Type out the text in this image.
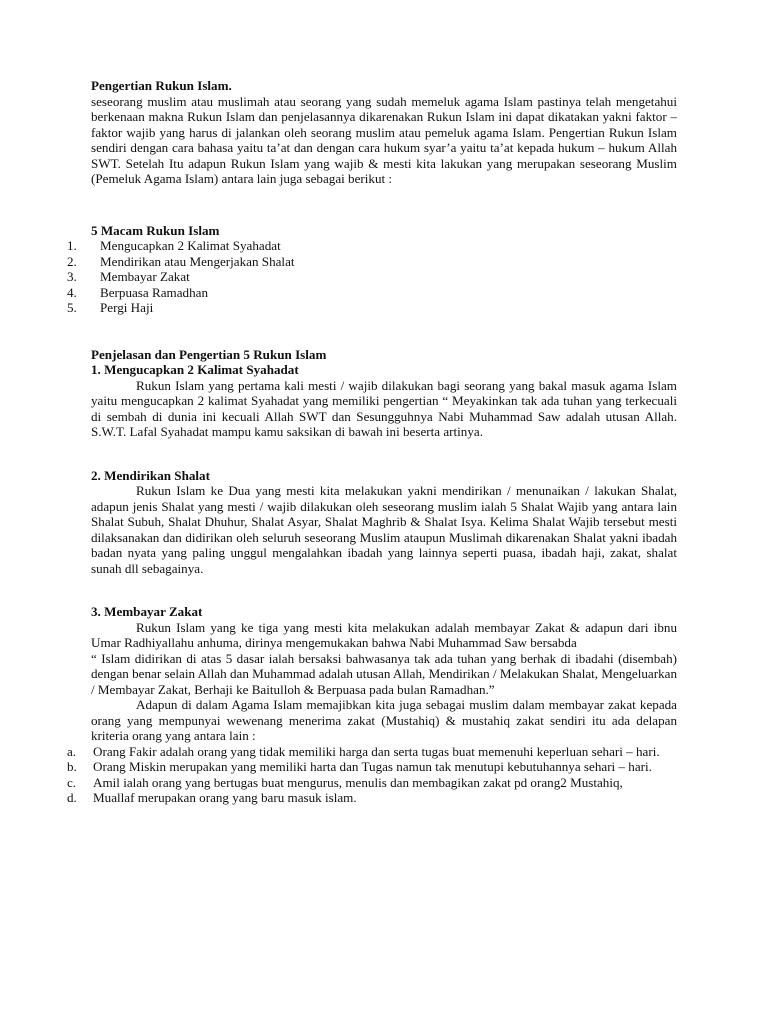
Pengertian Rukun Islam.

seseorang muslim atau muslimah atau seorang yang sudah memeluk agama Islam pastinya telah mengetahui berkenaan makna Rukun Islam dan penjelasannya dikarenakan Rukun Islam ini dapat dikatakan yakni faktor – faktor wajib yang harus di jalankan oleh seorang muslim atau pemeluk agama Islam. Pengertian Rukun Islam sendiri dengan cara bahasa yaitu ta’at dan dengan cara hukum syar’a yaitu ta’at kepada hukum – hukum Allah SWT. Setelah Itu adapun Rukun Islam yang wajib & mesti kita lakukan yang merupakan seseorang Muslim (Pemeluk Agama Islam) antara lain juga sebagai berikut :

5 Macam Rukun Islam

1.	Mengucapkan 2 Kalimat Syahadat
2.	Mendirikan atau Mengerjakan Shalat
3.	Membayar Zakat
4.	Berpuasa Ramadhan
5.	Pergi Haji

Penjelasan dan Pengertian 5 Rukun Islam

1. Mengucapkan 2 Kalimat Syahadat

Rukun Islam yang pertama kali mesti / wajib dilakukan bagi seorang yang bakal masuk agama Islam yaitu mengucapkan 2 kalimat Syahadat yang memiliki pengertian “ Meyakinkan tak ada tuhan yang terkecuali di sembah di dunia ini kecuali Allah SWT dan Sesungguhnya Nabi Muhammad Saw adalah utusan Allah. S.W.T. Lafal Syahadat mampu kamu saksikan di bawah ini beserta artinya.

2. Mendirikan Shalat

Rukun Islam ke Dua yang mesti kita melakukan yakni mendirikan / menunaikan / lakukan Shalat, adapun jenis Shalat yang mesti / wajib dilakukan oleh seseorang muslim ialah 5 Shalat Wajib yang antara lain Shalat Subuh, Shalat Dhuhur, Shalat Asyar, Shalat Maghrib & Shalat Isya. Kelima Shalat Wajib tersebut mesti dilaksanakan dan didirikan oleh seluruh seseorang Muslim ataupun Muslimah dikarenakan Shalat yakni ibadah badan nyata yang paling unggul mengalahkan ibadah yang lainnya seperti puasa, ibadah haji, zakat, shalat sunah dll sebagainya.

3. Membayar Zakat

Rukun Islam yang ke tiga yang mesti kita melakukan adalah membayar Zakat & adapun dari ibnu Umar Radhiyallahu anhuma, dirinya mengemukakan bahwa Nabi Muhammad Saw bersabda

“ Islam didirikan di atas 5 dasar ialah bersaksi bahwasanya tak ada tuhan yang berhak di ibadahi (disembah) dengan benar selain Allah dan Muhammad adalah utusan Allah, Mendirikan / Melakukan Shalat, Mengeluarkan / Membayar Zakat, Berhaji ke Baitulloh & Berpuasa pada bulan Ramadhan.”

Adapun di dalam Agama Islam memajibkan kita juga sebagai muslim dalam membayar zakat kepada orang yang mempunyai wewenang menerima zakat (Mustahiq) & mustahiq zakat sendiri itu ada delapan kriteria orang yang antara lain :

a.	Orang Fakir adalah orang yang tidak memiliki harga dan serta tugas buat memenuhi keperluan sehari – hari.
b.	Orang Miskin merupakan yang memiliki harta dan Tugas namun tak menutupi kebutuhannya sehari – hari.
c.	Amil ialah orang yang bertugas buat mengurus, menulis dan membagikan zakat pd orang2 Mustahiq,
d.	Muallaf merupakan orang yang baru masuk islam.
